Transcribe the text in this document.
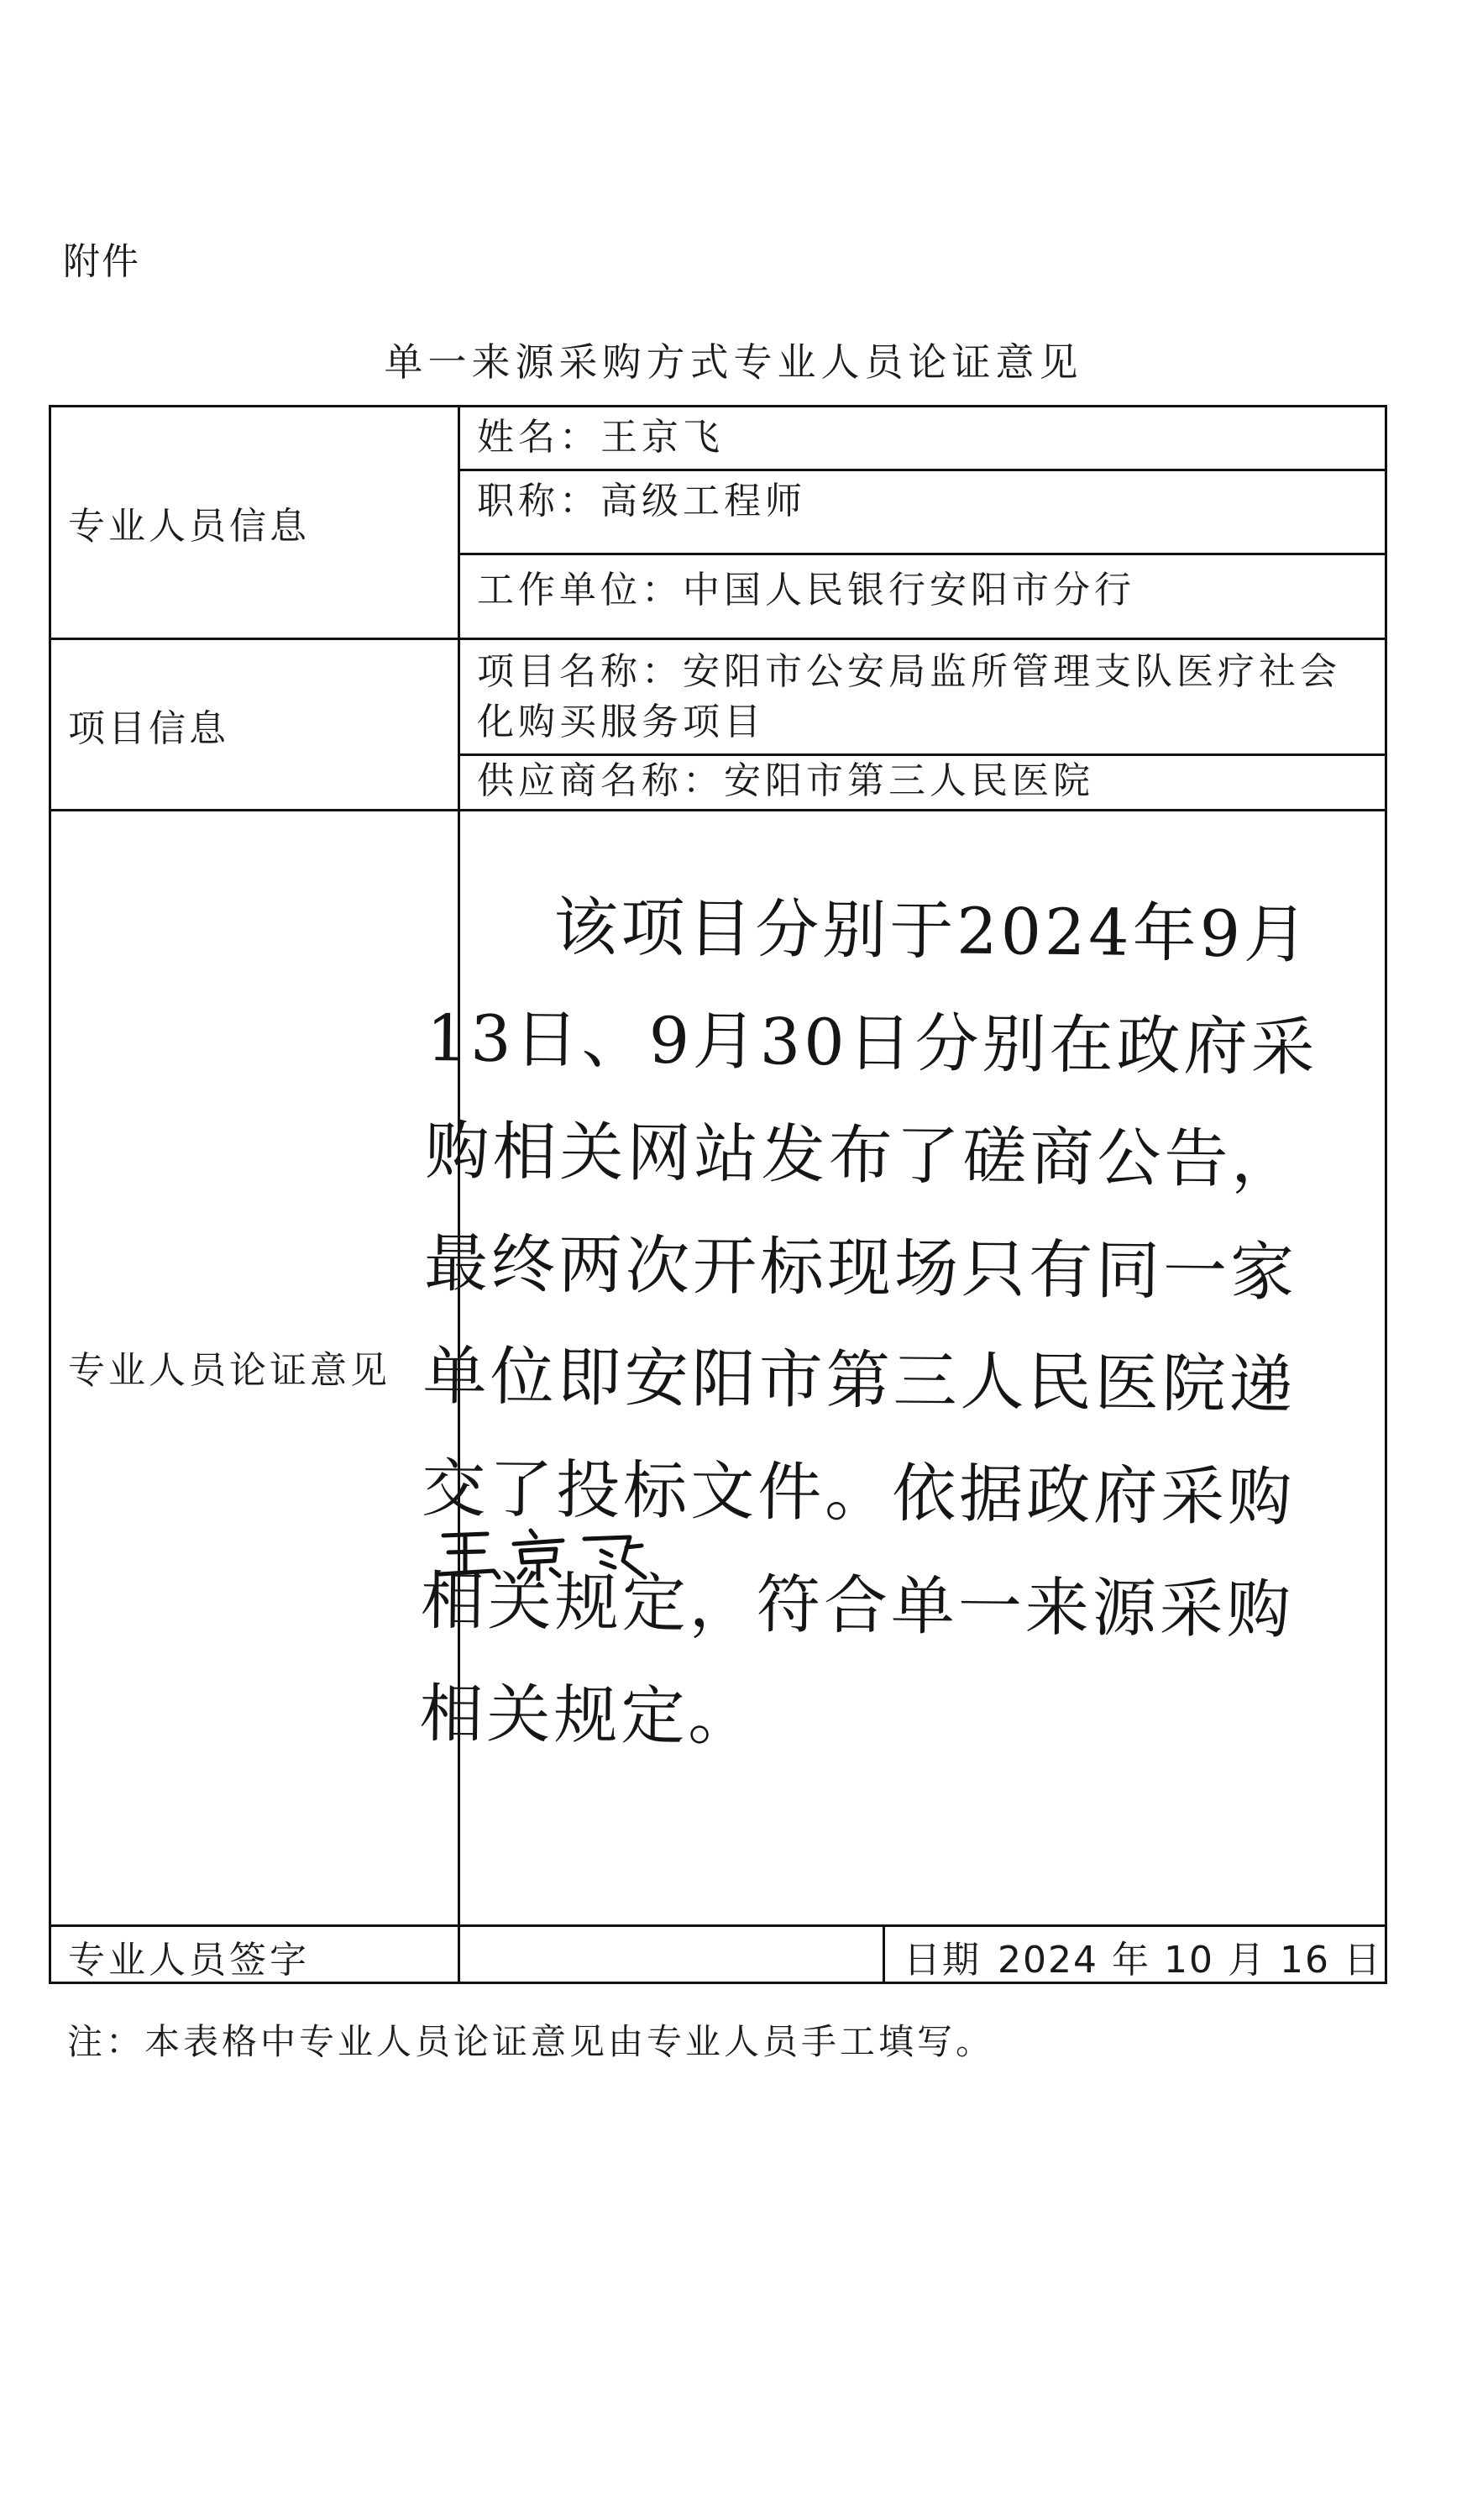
附件
单一来源采购方式专业人员论证意见
专业人员信息
项目信息
专业人员论证意见
专业人员签字
姓名：王京飞
职称：高级工程师
工作单位：中国人民银行安阳市分行
项目名称：安阳市公安局监所管理支队医疗社会化购买服务项目
供应商名称：安阳市第三人民医院
日期 2024 年 10 月 16 日
该项目分别于2024年9月13日、9月30日分别在政府采购相关网站发布了磋商公告，最终两次开标现场只有同一家单位即安阳市第三人民医院递交了投标文件。依据政府采购相关规定，符合单一来源采购相关规定。
注：本表格中专业人员论证意见由专业人员手工填写。
